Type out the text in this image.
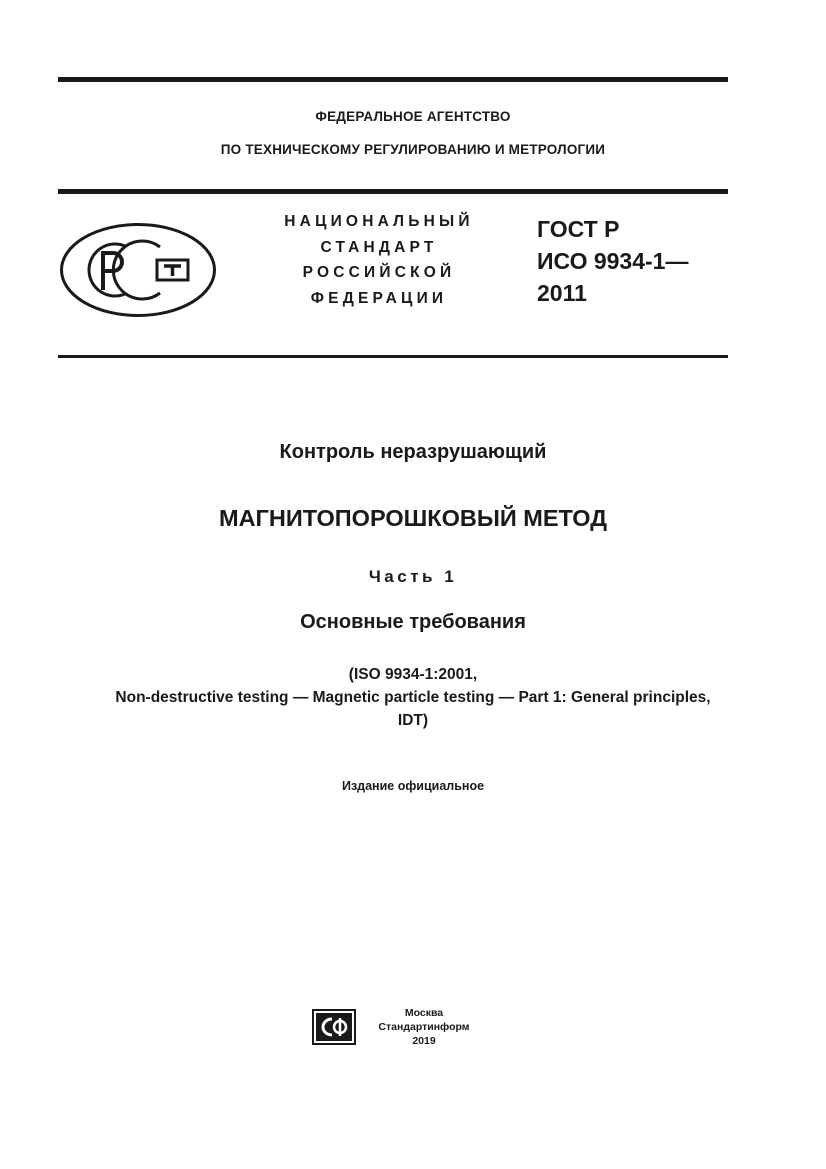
ФЕДЕРАЛЬНОЕ АГЕНТСТВО
ПО ТЕХНИЧЕСКОМУ РЕГУЛИРОВАНИЮ И МЕТРОЛОГИИ
НАЦИОНАЛЬНЫЙ
СТАНДАРТ
РОССИЙСКОЙ
ФЕДЕРАЦИИ
ГОСТ Р
ИСО 9934-1—
2011
Контроль неразрушающий
МАГНИТОПОРОШКОВЫЙ МЕТОД
Часть 1
Основные требования
(ISO 9934-1:2001,
Non-destructive testing — Magnetic particle testing — Part 1: General principles,
IDT)
Издание официальное
Москва
Стандартинформ
2019
